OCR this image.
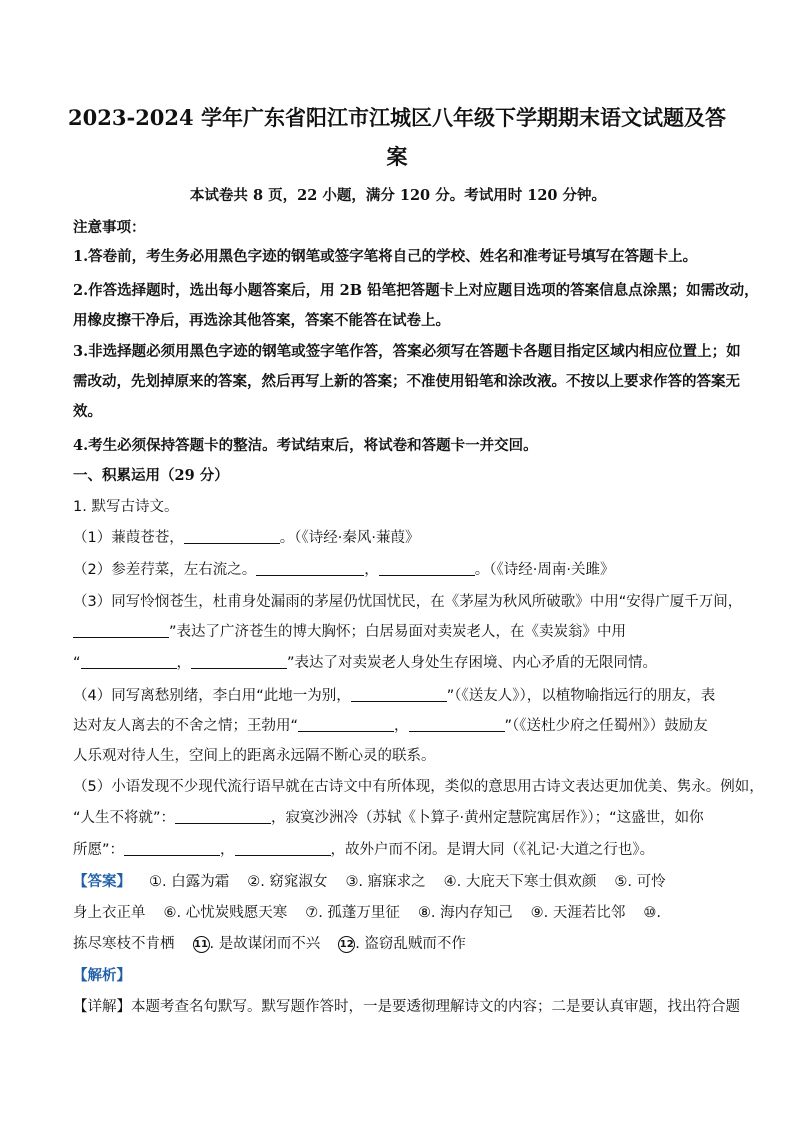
2023-2024 学年广东省阳江市江城区八年级下学期期末语文试题及答
案
本试卷共 8 页，22 小题，满分 120 分。考试用时 120 分钟。
注意事项：
1.答卷前，考生务必用黑色字迹的钢笔或签字笔将自己的学校、姓名和准考证号填写在答题卡上。
2.作答选择题时，选出每小题答案后，用 2B 铅笔把答题卡上对应题目选项的答案信息点涂黑；如需改动，
用橡皮擦干净后，再选涂其他答案，答案不能答在试卷上。
3.非选择题必须用黑色字迹的钢笔或签字笔作答，答案必须写在答题卡各题目指定区域内相应位置上；如
需改动，先划掉原来的答案，然后再写上新的答案；不准使用铅笔和涂改液。不按以上要求作答的答案无
效。
4.考生必须保持答题卡的整洁。考试结束后，将试卷和答题卡一并交回。
一、积累运用（29 分）
1. 默写古诗文。
（1）蒹葭苍苍，	。（《诗经·秦风·蒹葭》
（2）参差荇菜，左右流之。	，	。（《诗经·周南·关雎》
（3）同写怜悯苍生，杜甫身处漏雨的茅屋仍忧国忧民，在《茅屋为秋风所破歌》中用“安得广厦千万间，
”表达了广济苍生的博大胸怀；白居易面对卖炭老人，在《卖炭翁》中用
“	，	”表达了对卖炭老人身处生存困境、内心矛盾的无限同情。
（4）同写离愁别绪，李白用“此地一为别，	”（《送友人》），以植物喻指远行的朋友，表
达对友人离去的不舍之情；王勃用“	，	”（《送杜少府之任蜀州》）鼓励友
人乐观对待人生，空间上的距离永远隔不断心灵的联系。
（5）小语发现不少现代流行语早就在古诗文中有所体现，类似的意思用古诗文表达更加优美、隽永。例如，
“人生不将就”：	，寂寞沙洲冷（苏轼《卜算子·黄州定慧院寓居作》）；“这盛世，如你
所愿”：	，	，故外户而不闭。是谓大同（《礼记·大道之行也》。
【答案】 ①. 白露为霜 ②. 窈窕淑女 ③. 寤寐求之 ④. 大庇天下寒士俱欢颜 ⑤. 可怜
身上衣正单 ⑥. 心忧炭贱愿天寒 ⑦. 孤蓬万里征 ⑧. 海内存知己 ⑨. 天涯若比邻 ⑩.
拣尽寒枝不肯栖 11 . 是故谋闭而不兴 12 . 盗窃乱贼而不作
【解析】
【详解】本题考查名句默写。默写题作答时，一是要透彻理解诗文的内容；二是要认真审题，找出符合题
